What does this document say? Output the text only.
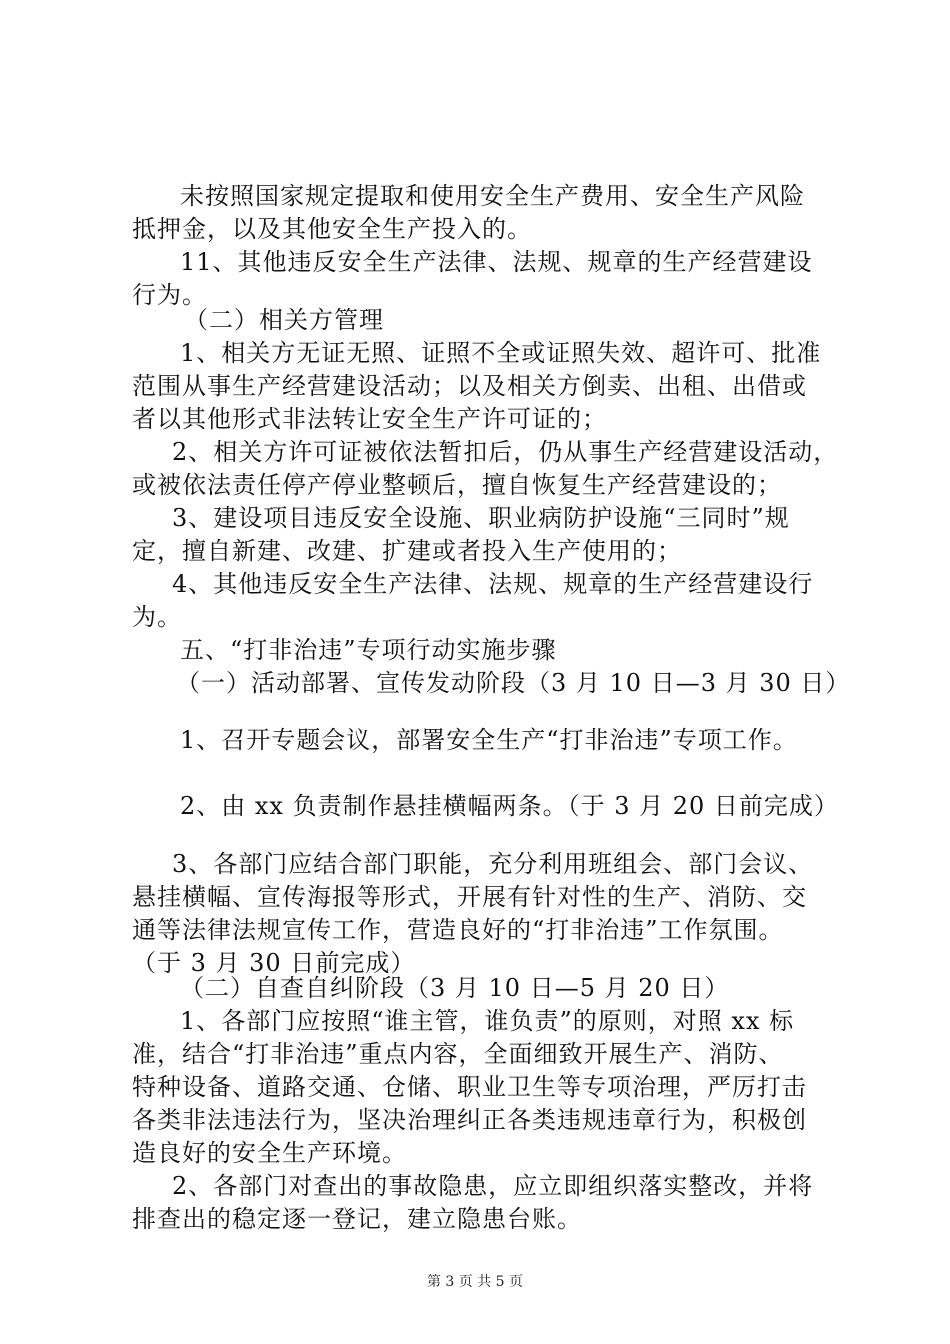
未按照国家规定提取和使用安全生产费用、安全生产风险
抵押金，以及其他安全生产投入的。
11、其他违反安全生产法律、法规、规章的生产经营建设
行为。
（二）相关方管理
1、相关方无证无照、证照不全或证照失效、超许可、批准
范围从事生产经营建设活动；以及相关方倒卖、出租、出借或
者以其他形式非法转让安全生产许可证的；
2、相关方许可证被依法暂扣后，仍从事生产经营建设活动，
或被依法责任停产停业整顿后，擅自恢复生产经营建设的；
3、建设项目违反安全设施、职业病防护设施“三同时”规
定，擅自新建、改建、扩建或者投入生产使用的；
4、其他违反安全生产法律、法规、规章的生产经营建设行
为。
五、“打非治违”专项行动实施步骤
（一）活动部署、宣传发动阶段（3 月 10 日—3 月 30 日）
1、召开专题会议，部署安全生产“打非治违”专项工作。
2、由 xx 负责制作悬挂横幅两条。（于 3 月 20 日前完成）
3、各部门应结合部门职能，充分利用班组会、部门会议、
悬挂横幅、宣传海报等形式，开展有针对性的生产、消防、交
通等法律法规宣传工作，营造良好的“打非治违”工作氛围。
（于 3 月 30 日前完成）
（二）自查自纠阶段（3 月 10 日—5 月 20 日）
1、各部门应按照“谁主管，谁负责”的原则，对照 xx 标
准，结合“打非治违”重点内容，全面细致开展生产、消防、
特种设备、道路交通、仓储、职业卫生等专项治理，严厉打击
各类非法违法行为，坚决治理纠正各类违规违章行为，积极创
造良好的安全生产环境。
2、各部门对查出的事故隐患，应立即组织落实整改，并将
排查出的稳定逐一登记，建立隐患台账。
第 3 页 共 5 页
